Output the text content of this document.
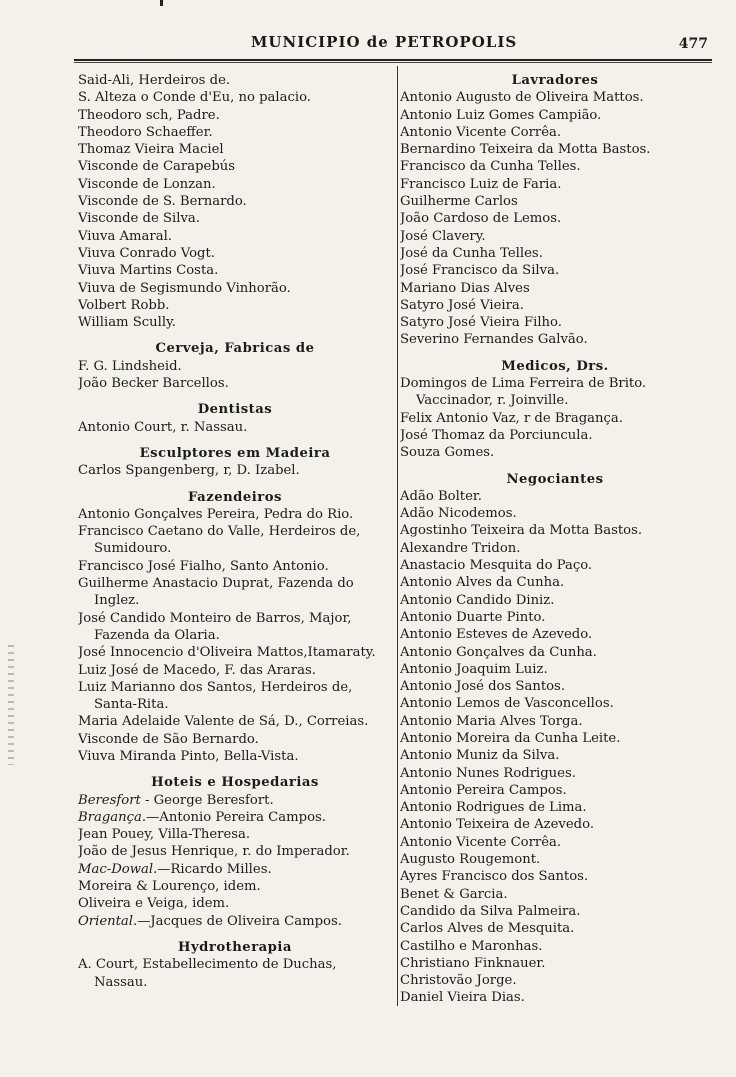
MUNICIPIO de PETROPOLIS	477
Said-Ali, Herdeiros de.
S. Alteza o Conde d'Eu, no palacio.
Theodoro sch, Padre.
Theodoro Schaeffer.
Thomaz Vieira Maciel
Visconde de Carapebús
Visconde de Lonzan.
Visconde de S. Bernardo.
Visconde de Silva.
Viuva Amaral.
Viuva Conrado Vogt.
Viuva Martins Costa.
Viuva de Segismundo Vinhorão.
Volbert Robb.
William Scully.
Cerveja, Fabricas de
F. G. Lindsheid.
João Becker Barcellos.
Dentistas
Antonio Court, r. Nassau.
Esculptores em Madeira
Carlos Spangenberg, r, D. Izabel.
Fazendeiros
Antonio Gonçalves Pereira, Pedra do Rio.
Francisco Caetano do Valle, Herdeiros de,
Sumidouro.
Francisco José Fialho, Santo Antonio.
Guilherme Anastacio Duprat, Fazenda do
Inglez.
José Candido Monteiro de Barros, Major,
Fazenda da Olaria.
José Innocencio d'Oliveira Mattos,Itamaraty.
Luiz José de Macedo, F. das Araras.
Luiz Marianno dos Santos, Herdeiros de,
Santa-Rita.
Maria Adelaide Valente de Sá, D., Correias.
Visconde de São Bernardo.
Viuva Miranda Pinto, Bella-Vista.
Hoteis e Hospedarias
Beresfort - George Beresfort.
Bragança.—Antonio Pereira Campos.
Jean Pouey, Villa-Theresa.
João de Jesus Henrique, r. do Imperador.
Mac-Dowal.—Ricardo Milles.
Moreira & Lourenço, idem.
Oliveira e Veiga, idem.
Oriental.—Jacques de Oliveira Campos.
Hydrotherapia
A. Court, Estabellecimento de Duchas,
Nassau.
Lavradores
Antonio Augusto de Oliveira Mattos.
Antonio Luiz Gomes Campião.
Antonio Vicente Corrêa.
Bernardino Teixeira da Motta Bastos.
Francisco da Cunha Telles.
Francisco Luiz de Faria.
Guilherme Carlos
João Cardoso de Lemos.
José Clavery.
José da Cunha Telles.
José Francisco da Silva.
Mariano Dias Alves
Satyro José Vieira.
Satyro José Vieira Filho.
Severino Fernandes Galvão.
Medicos, Drs.
Domingos de Lima Ferreira de Brito.
Vaccinador, r. Joinville.
Felix Antonio Vaz, r de Bragança.
José Thomaz da Porciuncula.
Souza Gomes.
Negociantes
Adão Bolter.
Adão Nicodemos.
Agostinho Teixeira da Motta Bastos.
Alexandre Tridon.
Anastacio Mesquita do Paço.
Antonio Alves da Cunha.
Antonio Candido Diniz.
Antonio Duarte Pinto.
Antonio Esteves de Azevedo.
Antonio Gonçalves da Cunha.
Antonio Joaquim Luiz.
Antonio José dos Santos.
Antonio Lemos de Vasconcellos.
Antonio Maria Alves Torga.
Antonio Moreira da Cunha Leite.
Antonio Muniz da Silva.
Antonio Nunes Rodrigues.
Antonio Pereira Campos.
Antonio Rodrigues de Lima.
Antonio Teixeira de Azevedo.
Antonio Vicente Corrêa.
Augusto Rougemont.
Ayres Francisco dos Santos.
Benet & Garcia.
Candido da Silva Palmeira.
Carlos Alves de Mesquita.
Castilho e Maronhas.
Christiano Finknauer.
Christovão Jorge.
Daniel Vieira Dias.
